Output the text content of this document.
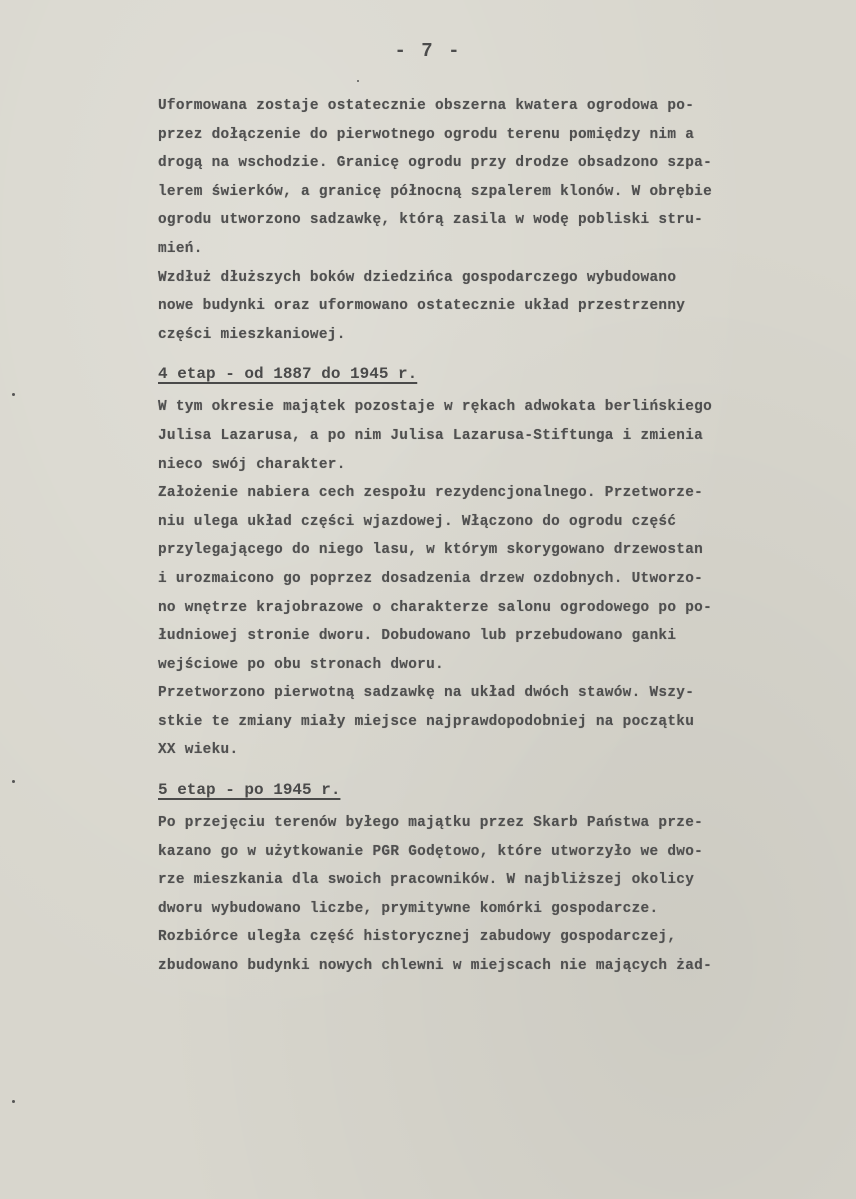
- 7 -
Uformowana zostaje ostatecznie obszerna kwatera ogrodowa po-
przez dołączenie do pierwotnego ogrodu terenu pomiędzy nim a
drogą na wschodzie. Granicę ogrodu przy drodze obsadzono szpa-
lerem świerków, a granicę północną szpalerem klonów. W obrębie
ogrodu utworzono sadzawkę, którą zasila w wodę pobliski stru-
mień.
Wzdłuż dłuższych boków dziedzińca gospodarczego wybudowano
nowe budynki oraz uformowano ostatecznie układ przestrzenny
części mieszkaniowej.
4 etap - od 1887 do 1945 r.
W tym okresie majątek pozostaje w rękach adwokata berlińskiego
Julisa Lazarusa, a po nim Julisa Lazarusa-Stiftunga i zmienia
nieco swój charakter.
Założenie nabiera cech zespołu rezydencjonalnego. Przetworze-
niu ulega układ części wjazdowej. Włączono do ogrodu część
przylegającego do niego lasu, w którym skorygowano drzewostan
i urozmaicono go poprzez dosadzenia drzew ozdobnych. Utworzo-
no wnętrze krajobrazowe o charakterze salonu ogrodowego po po-
łudniowej stronie dworu. Dobudowano lub przebudowano ganki
wejściowe po obu stronach dworu.
Przetworzono pierwotną sadzawkę na układ dwóch stawów. Wszy-
stkie te zmiany miały miejsce najprawdopodobniej na początku
XX wieku.
5 etap - po 1945 r.
Po przejęciu terenów byłego majątku przez Skarb Państwa prze-
kazano go w użytkowanie PGR Godętowo, które utworzyło we dwo-
rze mieszkania dla swoich pracowników. W najbliższej okolicy
dworu wybudowano liczbe, prymitywne komórki gospodarcze.
Rozbiórce uległa część historycznej zabudowy gospodarczej,
zbudowano budynki nowych chlewni w miejscach nie mających żad-
